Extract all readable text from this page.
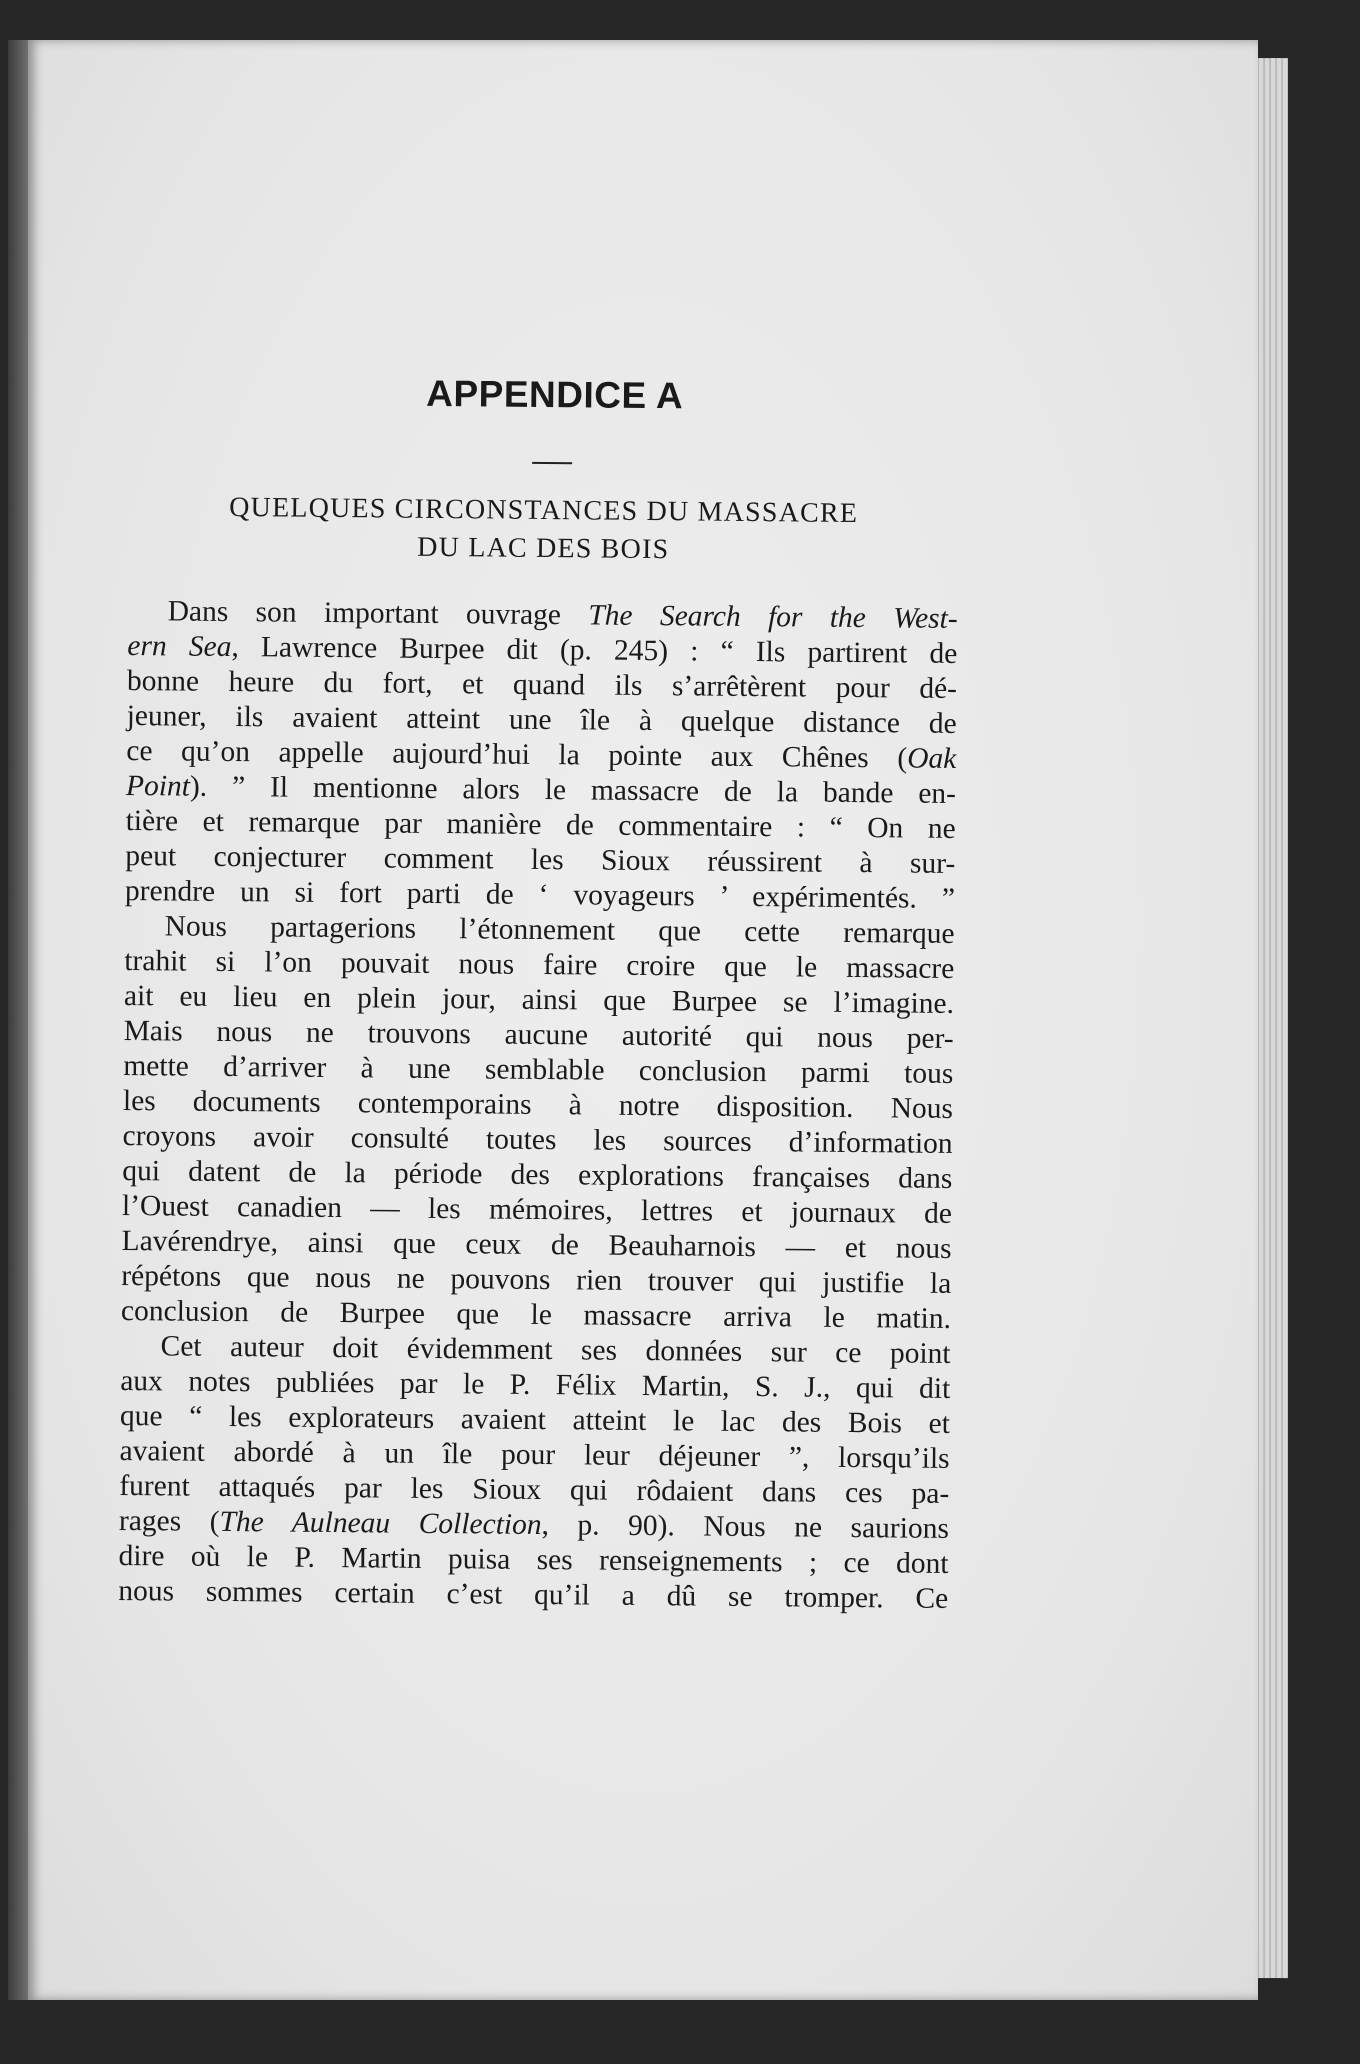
APPENDICE A
QUELQUES CIRCONSTANCES DU MASSACRE
DU LAC DES BOIS

Dans son important ouvrage The Search for the West-
ern Sea, Lawrence Burpee dit (p. 245) : “ Ils partirent de
bonne heure du fort, et quand ils s’arrêtèrent pour dé-
jeuner, ils avaient atteint une île à quelque distance de
ce qu’on appelle aujourd’hui la pointe aux Chênes (Oak
Point). ” Il mentionne alors le massacre de la bande en-
tière et remarque par manière de commentaire : “ On ne
peut conjecturer comment les Sioux réussirent à sur-
prendre un si fort parti de ‘ voyageurs ’ expérimentés. ”

Nous partagerions l’étonnement que cette remarque
trahit si l’on pouvait nous faire croire que le massacre
ait eu lieu en plein jour, ainsi que Burpee se l’imagine.
Mais nous ne trouvons aucune autorité qui nous per-
mette d’arriver à une semblable conclusion parmi tous
les documents contemporains à notre disposition. Nous
croyons avoir consulté toutes les sources d’information
qui datent de la période des explorations françaises dans
l’Ouest canadien — les mémoires, lettres et journaux de
Lavérendrye, ainsi que ceux de Beauharnois — et nous
répétons que nous ne pouvons rien trouver qui justifie la
conclusion de Burpee que le massacre arriva le matin.

Cet auteur doit évidemment ses données sur ce point
aux notes publiées par le P. Félix Martin, S. J., qui dit
que “ les explorateurs avaient atteint le lac des Bois et
avaient abordé à un île pour leur déjeuner ”, lorsqu’ils
furent attaqués par les Sioux qui rôdaient dans ces pa-
rages (The Aulneau Collection, p. 90). Nous ne saurions
dire où le P. Martin puisa ses renseignements ; ce dont
nous sommes certain c’est qu’il a dû se tromper. Ce
